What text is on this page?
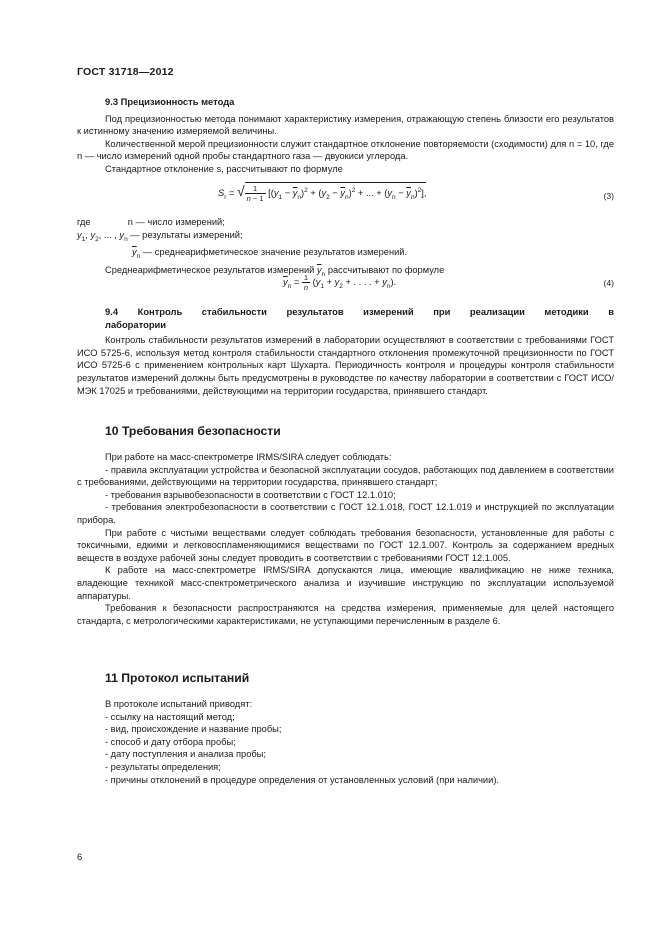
ГОСТ 31718—2012

9.3 Прецизионность метода

Под прецизионностью метода понимают характеристику измерения, отражающую степень близости его результатов к истинному значению измеряемой величины.

Количественной мерой прецизионности служит стандартное отклонение повторяемости (сходимости) для n = 10, где n — число измерений одной пробы стандартного газа — двуокиси углерода.

Стандартное отклонение s, рассчитывают по формуле

$S_r$ = √ $\frac{1}{n - 1} [(y_1 - \overline{y}_n)^2 + (y_2 - \overline{y}_n)^2$ + ... + $(y_n - \overline{y}_n)^2$],	(3)
где	n — число измерений;
$y_1$, $y_2$, ... , $y_n$ — результаты измерений;
$\overline{y}_n$ — среднеарифметическое значение результатов измерений.
Среднеарифметическое результатов измерений $\overline{y}_n$ рассчитывают по формуле
$\overline{y}_n = \frac{1}{n} (y_1 + y_2$ + . . . . + $y_n$).	(4)

9.4 Контроль стабильности результатов измерений при реализации методики в

лаборатории

Контроль стабильности результатов измерений в лаборатории осуществляют в соответствии с требованиями ГОСТ ИСО 5725-6, используя метод контроля стабильности стандартного отклонения промежуточной прецизионности по ГОСТ ИСО 5725-6 с применением контрольных карт Шухарта. Периодичность контроля и процедуры контроля стабильности результатов измерений должны быть предусмотрены в руководстве по качеству лаборатории в соответствии с ГОСТ ИСО/МЭК 17025 и требованиями, действующими на территории государства, принявшего стандарт.

10 Требования безопасности

При работе на масс-спектрометре IRMS/SIRA следует соблюдать:

- правила эксплуатации устройства и безопасной эксплуатации сосудов, работающих под давлением в соответствии с требованиями, действующими на территории государства, принявшего стандарт;

- требования взрывобезопасности в соответствии с ГОСТ 12.1.010;

- требования электробезопасности в соответствии с ГОСТ 12.1.018, ГОСТ 12.1.019 и инструкцией по эксплуатации прибора.

При работе с чистыми веществами следует соблюдать требования безопасности, установленные для работы с токсичными, едкими и легковоспламеняющимися веществами по ГОСТ 12.1.007. Контроль за содержанием вредных веществ в воздухе рабочей зоны следует проводить в соответствии с требованиями ГОСТ 12.1.005.

К работе на масс-спектрометре IRMS/SIRA допускаются лица, имеющие квалификацию не ниже техника, владеющие техникой масс-спектрометрического анализа и изучившие инструкцию по эксплуатации используемой аппаратуры.

Требования к безопасности распространяются на средства измерения, применяемые для целей настоящего стандарта, с метрологическими характеристиками, не уступающими перечисленным в разделе 6.

11 Протокол испытаний

В протоколе испытаний приводят:

- ссылку на настоящий метод;

- вид, происхождение и название пробы;

- способ и дату отбора пробы;

- дату поступления и анализа пробы;

- результаты определения;

- причины отклонений в процедуре определения от установленных условий (при наличии).

6
